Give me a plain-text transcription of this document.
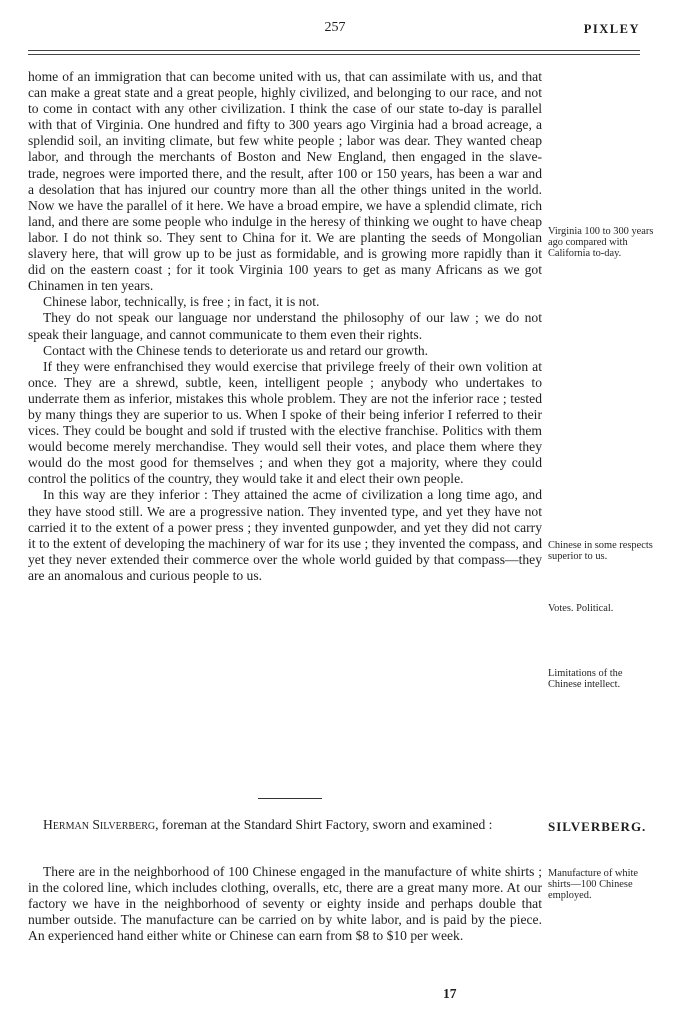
257	PIXLEY

home of an immigration that can become united with us, that can assimilate with us, and that can make a great state and a great people, highly civilized, and belonging to our race, and not to come in contact with any other civilization. I think the case of our state to-day is parallel with that of Virginia. One hundred and fifty to 300 years ago Virginia had a broad acreage, a splendid soil, an inviting climate, but few white people ; labor was dear. They wanted cheap labor, and through the merchants of Boston and New England, then engaged in the slave-trade, negroes were imported there, and the result, after 100 or 150 years, has been a war and a desolation that has injured our country more than all the other things united in the world. Now we have the parallel of it here. We have a broad empire, we have a splendid climate, rich land, and there are some people who indulge in the heresy of thinking we ought to have cheap labor. I do not think so. They sent to China for it. We are planting the seeds of Mongolian slavery here, that will grow up to be just as formidable, and is growing more rapidly than it did on the eastern coast ; for it took Virginia 100 years to get as many Africans as we got Chinamen in ten years.

Chinese labor, technically, is free ; in fact, it is not.

They do not speak our language nor understand the philosophy of our law ; we do not speak their language, and cannot communicate to them even their rights.

Contact with the Chinese tends to deteriorate us and retard our growth.

If they were enfranchised they would exercise that privilege freely of their own volition at once. They are a shrewd, subtle, keen, intelligent people ; anybody who undertakes to underrate them as inferior, mistakes this whole problem. They are not the inferior race ; tested by many things they are superior to us. When I spoke of their being inferior I referred to their vices. They could be bought and sold if trusted with the elective franchise. Politics with them would become merely merchandise. They would sell their votes, and place them where they would do the most good for themselves ; and when they got a majority, where they could control the politics of the country, they would take it and elect their own people.

In this way are they inferior : They attained the acme of civilization a long time ago, and they have stood still. We are a progressive nation. They invented type, and yet they have not carried it to the extent of a power press ; they invented gunpowder, and yet they did not carry it to the extent of developing the machinery of war for its use ; they invented the compass, and yet they never extended their commerce over the whole world guided by that compass—they are an anomalous and curious people to us.

Herman Silverberg, foreman at the Standard Shirt Factory, sworn and examined :

There are in the neighborhood of 100 Chinese engaged in the manufacture of white shirts ; in the colored line, which includes clothing, overalls, etc, there are a great many more. At our factory we have in the neighborhood of seventy or eighty inside and perhaps double that number outside. The manufacture can be carried on by white labor, and is paid by the piece. An experienced hand either white or Chinese can earn from $8 to $10 per week.

Virginia 100 to 300 years ago compared with California to-day.
Chinese in some respects superior to us.
Votes. Political.
Limitations of the Chinese intellect.
SILVERBERG.
Manufacture of white shirts—100 Chinese employed.
17
